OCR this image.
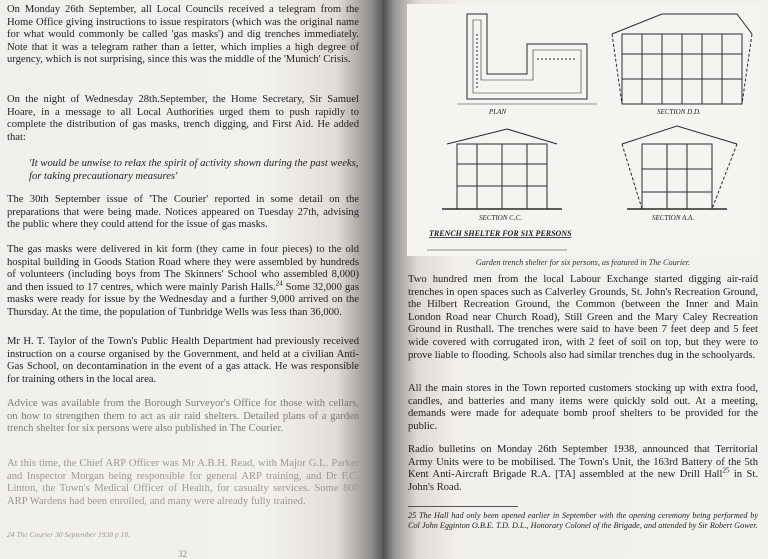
On Monday 26th September, all Local Councils received a telegram from the Home Office giving instructions to issue respirators (which was the original name for what would commonly be called 'gas masks') and dig trenches immediately. Note that it was a telegram rather than a letter, which implies a high degree of urgency, which is not surprising, since this was the middle of the 'Munich' Crisis.

On the night of Wednesday 28th.September, the Home Secretary, Sir Samuel Hoare, in a message to all Local Authorities urged them to push rapidly to complete the distribution of gas masks, trench digging, and First Aid. He added that:

'It would be unwise to relax the spirit of activity shown during the past weeks, for taking precautionary measures'

The 30th September issue of 'The Courier' reported in some detail on the preparations that were being made. Notices appeared on Tuesday 27th, advising the public where they could attend for the issue of gas masks.

The gas masks were delivered in kit form (they came in four pieces) to the old hospital building in Goods Station Road where they were assembled by hundreds of volunteers (including boys from The Skinners' School who assembled 8,000) and then issued to 17 centres, which were mainly Parish Halls.$^{24}$ Some 32,000 gas masks were ready for issue by the Wednesday and a further 9,000 arrived on the Thursday. At the time, the population of Tunbridge Wells was less than 36,000.

Mr H. T. Taylor of the Town's Public Health Department had previously received instruction on a course organised by the Government, and held at a civilian Anti-Gas School, on decontamination in the event of a gas attack. He was responsible for training others in the local area.

Advice was available from the Borough Surveyor's Office for those with cellars, on how to strengthen them to act as air raid shelters. Detailed plans of a garden trench shelter for six persons were also published in The Courier.

At this time, the Chief ARP Officer was Mr A.B.H. Read, with Major G.L. Parker and Inspector Morgan being responsible for general ARP training, and Dr F.C. Linton, the Town's Medical Officer of Health, for casualty services. Some 800 ARP Wardens had been enrolled, and many were already fully trained.

24 The Courier 30 September 1938 p 18.

32
PLAN	SECTION D.D.
SECTION C.C.	SECTION A.A.
TRENCH SHELTER FOR SIX PERSONS
Garden trench shelter for six persons, as featured in The Courier.

Two hundred men from the local Labour Exchange started digging air-raid trenches in open spaces such as Calverley Grounds, St. John's Recreation Ground, the Hilbert Recreation Ground, the Common (between the Inner and Main London Road near Church Road), Still Green and the Mary Caley Recreation Ground in Rusthall. The trenches were said to have been 7 feet deep and 5 feet wide covered with corrugated iron, with 2 feet of soil on top, but they were to prove liable to flooding. Schools also had similar trenches dug in the schoolyards.

All the main stores in the Town reported customers stocking up with extra food, candles, and batteries and many items were quickly sold out. At a meeting, demands were made for adequate bomb proof shelters to be provided for the public.

Radio bulletins on Monday 26th September 1938, announced that Territorial Army Units were to be mobilised. The Town's Unit, the 163rd Battery of the 5th Kent Anti-Aircraft Brigade R.A. [TA] assembled at the new Drill Hall$^{25}$ in St. John's Road.

25 The Hall had only been opened earlier in September with the opening ceremony being performed by Col John Egginton O.B.E. T.D. D.L., Honorary Colonel of the Brigade, and attended by Sir Robert Gower.
